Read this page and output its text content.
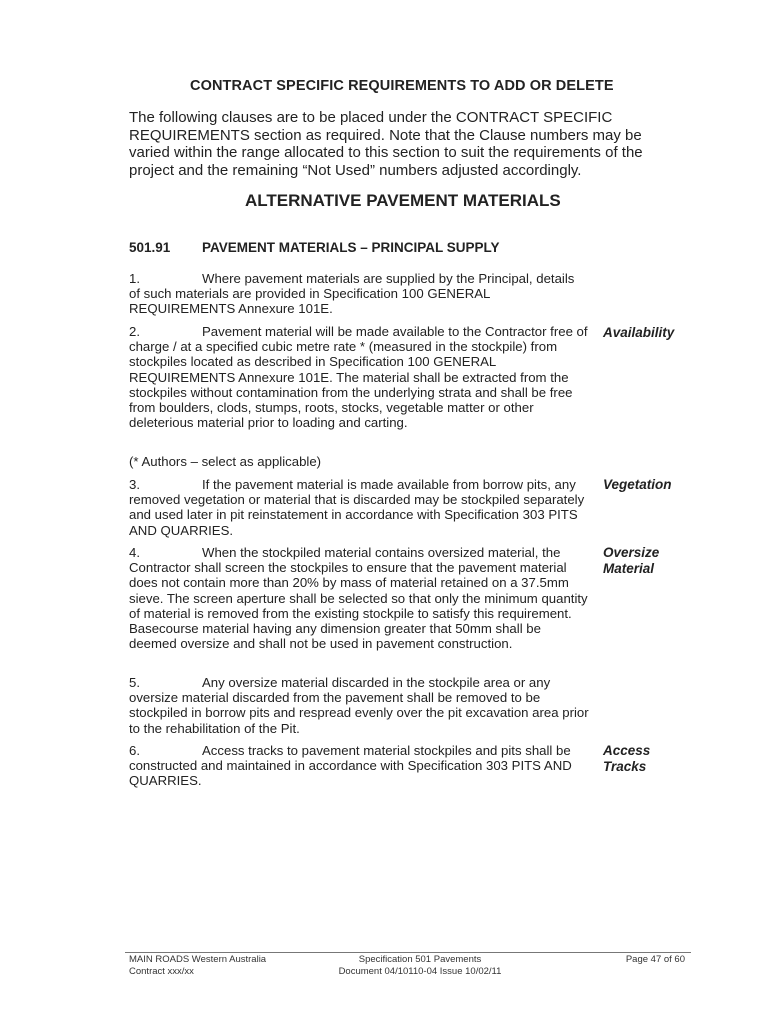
CONTRACT SPECIFIC REQUIREMENTS TO ADD OR DELETE
The following clauses are to be placed under the CONTRACT SPECIFIC REQUIREMENTS section as required. Note that the Clause numbers may be varied within the range allocated to this section to suit the requirements of the project and the remaining “Not Used” numbers adjusted accordingly.
ALTERNATIVE PAVEMENT MATERIALS
501.91 PAVEMENT MATERIALS – PRINCIPAL SUPPLY
1.	Where pavement materials are supplied by the Principal, details of such materials are provided in Specification 100 GENERAL REQUIREMENTS Annexure 101E.
2.	Pavement material will be made available to the Contractor free of charge / at a specified cubic metre rate * (measured in the stockpile) from stockpiles located as described in Specification 100 GENERAL REQUIREMENTS Annexure 101E. The material shall be extracted from the stockpiles without contamination from the underlying strata and shall be free from boulders, clods, stumps, roots, stocks, vegetable matter or other deleterious material prior to loading and carting.
Availability
(* Authors – select as applicable)
3.	If the pavement material is made available from borrow pits, any removed vegetation or material that is discarded may be stockpiled separately and used later in pit reinstatement in accordance with Specification 303 PITS AND QUARRIES.
Vegetation
4.	When the stockpiled material contains oversized material, the Contractor shall screen the stockpiles to ensure that the pavement material does not contain more than 20% by mass of material retained on a 37.5mm sieve. The screen aperture shall be selected so that only the minimum quantity of material is removed from the existing stockpile to satisfy this requirement. Basecourse material having any dimension greater that 50mm shall be deemed oversize and shall not be used in pavement construction.
Oversize
Material
5.	Any oversize material discarded in the stockpile area or any oversize material discarded from the pavement shall be removed to be stockpiled in borrow pits and respread evenly over the pit excavation area prior to the rehabilitation of the Pit.
6.	Access tracks to pavement material stockpiles and pits shall be constructed and maintained in accordance with Specification 303 PITS AND QUARRIES.
Access
Tracks
MAIN ROADS Western Australia
Contract xxx/xx
Specification 501 Pavements
Document 04/10110-04 Issue 10/02/11
Page 47 of 60
